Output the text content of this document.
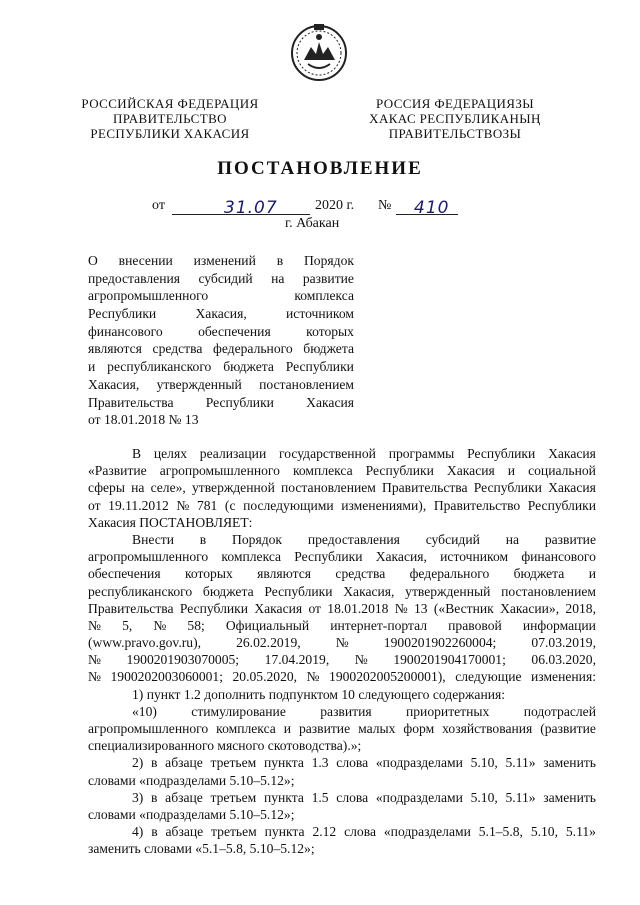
РОССИЙСКАЯ ФЕДЕРАЦИЯ
ПРАВИТЕЛЬСТВО
РЕСПУБЛИКИ ХАКАСИЯ
РОССИЯ ФЕДЕРАЦИЯЗЫ
ХАКАС РЕСПУБЛИКАНЫҢ
ПРАВИТЕЛЬСТВОЗЫ
ПОСТАНОВЛЕНИЕ
от	31.07	2020 г. № 410
г. Абакан
О внесении изменений в Порядок
предоставления субсидий на развитие
агропромышленного	комплекса
Республики	Хакасия,	источником
финансового	обеспечения	которых
являются средства федерального бюджета
и республиканского бюджета Республики
Хакасия, утвержденный постановлением
Правительства Республики Хакасия
от 18.01.2018 № 13
В целях реализации государственной программы Республики Хакасия
«Развитие агропромышленного комплекса Республики Хакасия и социальной
сферы на селе», утвержденной постановлением Правительства Республики Хакасия
от 19.11.2012 № 781 (с последующими изменениями), Правительство Республики
Хакасия ПОСТАНОВЛЯЕТ:
Внести в Порядок предоставления субсидий на развитие
агропромышленного комплекса Республики Хакасия, источником финансового
обеспечения которых являются средства федерального бюджета и
республиканского бюджета Республики Хакасия, утвержденный постановлением
Правительства Республики Хакасия от 18.01.2018 № 13 («Вестник Хакасии», 2018,
№ 5, № 58; Официальный интернет-портал правовой информации
(www.pravo.gov.ru),	26.02.2019,	№	1900201902260004;	07.03.2019,
№ 1900201903070005; 17.04.2019, № 1900201904170001; 06.03.2020,
№ 1900202003060001; 20.05.2020, № 1900202005200001), следующие изменения:
1) пункт 1.2 дополнить подпунктом 10 следующего содержания:
«10)	стимулирование	развития	приоритетных	подотраслей
агропромышленного комплекса и развитие малых форм хозяйствования (развитие
специализированного мясного скотоводства).»;
2) в абзаце третьем пункта 1.3 слова «подразделами 5.10, 5.11» заменить
словами «подразделами 5.10–5.12»;
3) в абзаце третьем пункта 1.5 слова «подразделами 5.10, 5.11» заменить
словами «подразделами 5.10–5.12»;
4) в абзаце третьем пункта 2.12 слова «подразделами 5.1–5.8, 5.10, 5.11»
заменить словами «5.1–5.8, 5.10–5.12»;
